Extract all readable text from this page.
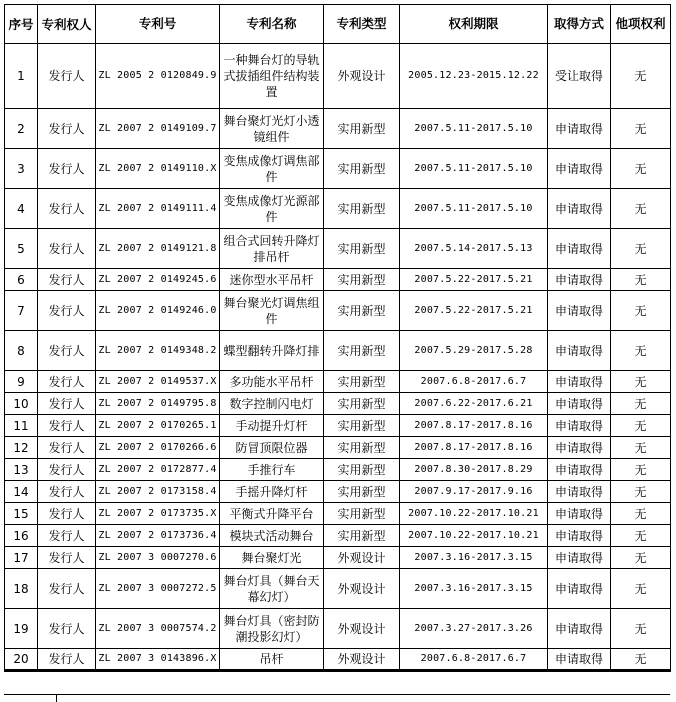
序号	专利权人	专利号	专利名称	专利类型	权利期限	取得方式	他项权利
1	发行人	ZL 2005 2 0120849.9	一种舞台灯的导轨式拔插组件结构装置	外观设计	2005.12.23-2015.12.22	受让取得	无
2	发行人	ZL 2007 2 0149109.7	舞台聚灯光灯小透镜组件	实用新型	2007.5.11-2017.5.10	申请取得	无
3	发行人	ZL 2007 2 0149110.X	变焦成像灯调焦部件	实用新型	2007.5.11-2017.5.10	申请取得	无
4	发行人	ZL 2007 2 0149111.4	变焦成像灯光源部件	实用新型	2007.5.11-2017.5.10	申请取得	无
5	发行人	ZL 2007 2 0149121.8	组合式回转升降灯排吊杆	实用新型	2007.5.14-2017.5.13	申请取得	无
6	发行人	ZL 2007 2 0149245.6	迷你型水平吊杆	实用新型	2007.5.22-2017.5.21	申请取得	无
7	发行人	ZL 2007 2 0149246.0	舞台聚光灯调焦组件	实用新型	2007.5.22-2017.5.21	申请取得	无
8	发行人	ZL 2007 2 0149348.2	蝶型翻转升降灯排	实用新型	2007.5.29-2017.5.28	申请取得	无
9	发行人	ZL 2007 2 0149537.X	多功能水平吊杆	实用新型	2007.6.8-2017.6.7	申请取得	无
10	发行人	ZL 2007 2 0149795.8	数字控制闪电灯	实用新型	2007.6.22-2017.6.21	申请取得	无
11	发行人	ZL 2007 2 0170265.1	手动提升灯杆	实用新型	2007.8.17-2017.8.16	申请取得	无
12	发行人	ZL 2007 2 0170266.6	防冒顶限位器	实用新型	2007.8.17-2017.8.16	申请取得	无
13	发行人	ZL 2007 2 0172877.4	手推行车	实用新型	2007.8.30-2017.8.29	申请取得	无
14	发行人	ZL 2007 2 0173158.4	手摇升降灯杆	实用新型	2007.9.17-2017.9.16	申请取得	无
15	发行人	ZL 2007 2 0173735.X	平衡式升降平台	实用新型	2007.10.22-2017.10.21	申请取得	无
16	发行人	ZL 2007 2 0173736.4	模块式活动舞台	实用新型	2007.10.22-2017.10.21	申请取得	无
17	发行人	ZL 2007 3 0007270.6	舞台聚灯光	外观设计	2007.3.16-2017.3.15	申请取得	无
18	发行人	ZL 2007 3 0007272.5	舞台灯具（舞台天幕幻灯）	外观设计	2007.3.16-2017.3.15	申请取得	无
19	发行人	ZL 2007 3 0007574.2	舞台灯具（密封防潮投影幻灯）	外观设计	2007.3.27-2017.3.26	申请取得	无
20	发行人	ZL 2007 3 0143896.X	吊杆	外观设计	2007.6.8-2017.6.7	申请取得	无
